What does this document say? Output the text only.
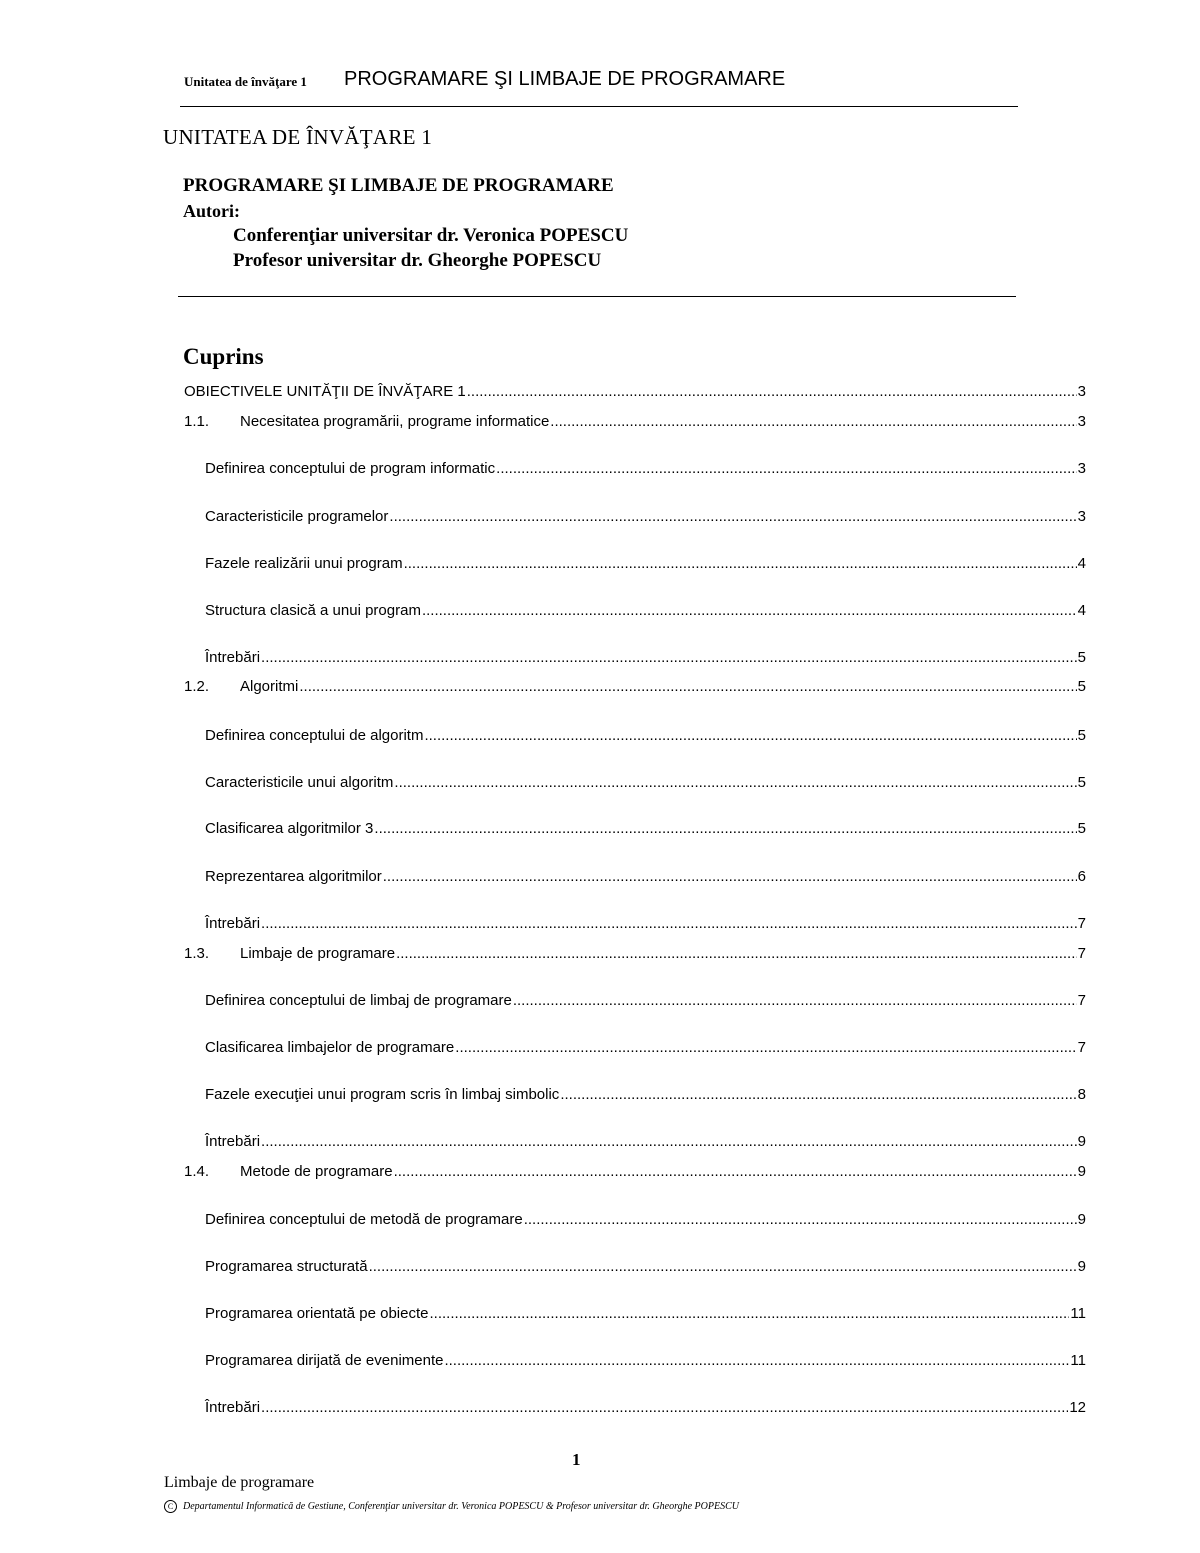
Unitatea de învăţare 1 PROGRAMARE ŞI LIMBAJE DE PROGRAMARE
UNITATEA DE ÎNVĂŢARE 1
PROGRAMARE ŞI LIMBAJE DE PROGRAMARE
Autori:
Conferenţiar universitar dr. Veronica POPESCU
Profesor universitar dr. Gheorghe POPESCU
Cuprins
OBIECTIVELE UNITĂŢII DE ÎNVĂŢARE 1 .....	3
1.1.	Necesitatea programării, programe informatice .....	3
Definirea conceptului de program informatic .....	3
Caracteristicile programelor .....	3
Fazele realizării unui program .....	4
Structura clasică a unui program .....	4
Întrebări .....	5
1.2.	Algoritmi .....	5
Definirea conceptului de algoritm .....	5
Caracteristicile unui algoritm .....	5
Clasificarea algoritmilor 3 .....	5
Reprezentarea algoritmilor .....	6
Întrebări .....	7
1.3.	Limbaje de programare .....	7
Definirea conceptului de limbaj de programare .....	7
Clasificarea limbajelor de programare .....	7
Fazele execuţiei unui program scris în limbaj simbolic .....	8
Întrebări .....	9
1.4.	Metode de programare .....	9
Definirea conceptului de metodă de programare .....	9
Programarea structurată .....	9
Programarea orientată pe obiecte .....	11
Programarea dirijată de evenimente .....	11
Întrebări .....	12
1
Limbaje de programare
C Departamentul Informatică de Gestiune, Conferenţiar universitar dr. Veronica POPESCU & Profesor universitar dr. Gheorghe POPESCU
